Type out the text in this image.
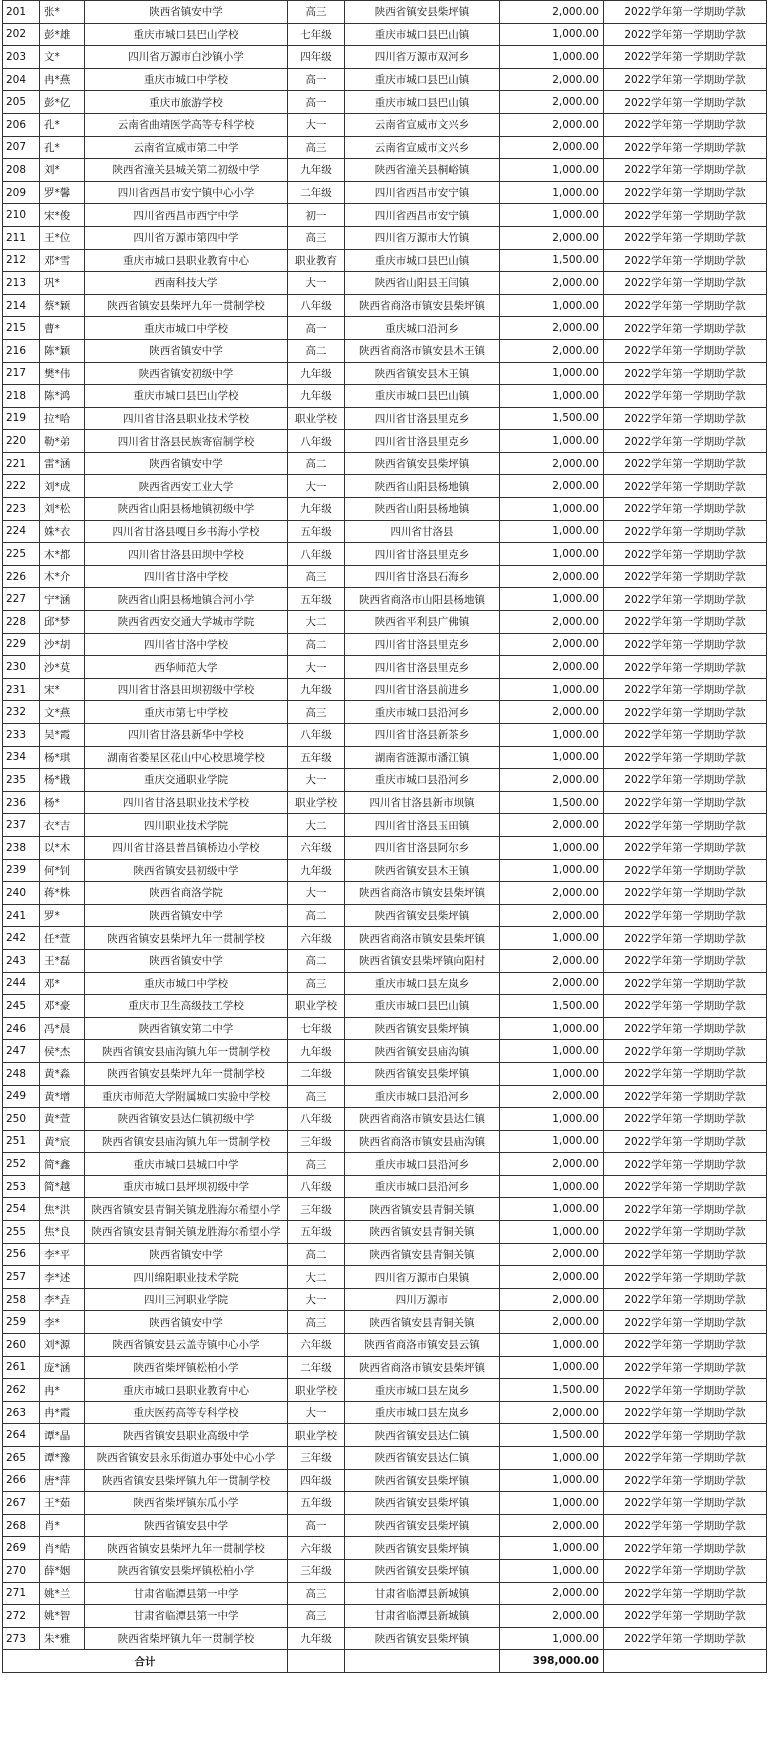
201	张*	陕西省镇安中学	高三	陕西省镇安县柴坪镇	2,000.00	2022学年第一学期助学款
202	彭*雄	重庆市城口县巴山学校	七年级	重庆市城口县巴山镇	1,000.00	2022学年第一学期助学款
203	文*	四川省万源市白沙镇小学	四年级	四川省万源市双河乡	1,000.00	2022学年第一学期助学款
204	冉*燕	重庆市城口中学校	高一	重庆市城口县巴山镇	2,000.00	2022学年第一学期助学款
205	彭*亿	重庆市旅游学校	高一	重庆市城口县巴山镇	2,000.00	2022学年第一学期助学款
206	孔*	云南省曲靖医学高等专科学校	大一	云南省宣威市文兴乡	2,000.00	2022学年第一学期助学款
207	孔*	云南省宣威市第二中学	高三	云南省宣威市文兴乡	2,000.00	2022学年第一学期助学款
208	刘*	陕西省潼关县城关第二初级中学	九年级	陕西省潼关县桐峪镇	1,000.00	2022学年第一学期助学款
209	罗*馨	四川省西昌市安宁镇中心小学	二年级	四川省西昌市安宁镇	1,000.00	2022学年第一学期助学款
210	宋*俊	四川省西昌市西宁中学	初一	四川省西昌市安宁镇	1,000.00	2022学年第一学期助学款
211	王*位	四川省万源市第四中学	高三	四川省万源市大竹镇	2,000.00	2022学年第一学期助学款
212	邓*雪	重庆市城口县职业教育中心	职业教育	重庆市城口县巴山镇	1,500.00	2022学年第一学期助学款
213	巩*	西南科技大学	大一	陕西省山阳县王闫镇	2,000.00	2022学年第一学期助学款
214	蔡*颖	陕西省镇安县柴坪九年一贯制学校	八年级	陕西省商洛市镇安县柴坪镇	1,000.00	2022学年第一学期助学款
215	曹*	重庆市城口中学校	高一	重庆城口沿河乡	2,000.00	2022学年第一学期助学款
216	陈*颖	陕西省镇安中学	高二	陕西省商洛市镇安县木王镇	2,000.00	2022学年第一学期助学款
217	樊*伟	陕西省镇安初级中学	九年级	陕西省镇安县木王镇	1,000.00	2022学年第一学期助学款
218	陈*鸿	重庆市城口县巴山学校	九年级	重庆市城口县巴山镇	1,000.00	2022学年第一学期助学款
219	拉*哈	四川省甘洛县职业技术学校	职业学校	四川省甘洛县里克乡	1,500.00	2022学年第一学期助学款
220	勒*弟	四川省甘洛县民族寄宿制学校	八年级	四川省甘洛县里克乡	1,000.00	2022学年第一学期助学款
221	雷*涵	陕西省镇安中学	高二	陕西省镇安县柴坪镇	2,000.00	2022学年第一学期助学款
222	刘*成	陕西省西安工业大学	大一	陕西省山阳县杨地镇	2,000.00	2022学年第一学期助学款
223	刘*松	陕西省山阳县杨地镇初级中学	九年级	陕西省山阳县杨地镇	1,000.00	2022学年第一学期助学款
224	姝*衣	四川省甘洛县嘎日乡书海小学校	五年级	四川省甘洛县	1,000.00	2022学年第一学期助学款
225	木*都	四川省甘洛县田坝中学校	八年级	四川省甘洛县里克乡	1,000.00	2022学年第一学期助学款
226	木*介	四川省甘洛中学校	高三	四川省甘洛县石海乡	2,000.00	2022学年第一学期助学款
227	宁*涵	陕西省山阳县杨地镇合河小学	五年级	陕西省商洛市山阳县杨地镇	1,000.00	2022学年第一学期助学款
228	邱*梦	陕西省西安交通大学城市学院	大二	陕西省平利县广佛镇	2,000.00	2022学年第一学期助学款
229	沙*胡	四川省甘洛中学校	高二	四川省甘洛县里克乡	2,000.00	2022学年第一学期助学款
230	沙*莫	西华师范大学	大一	四川省甘洛县里克乡	2,000.00	2022学年第一学期助学款
231	宋*	四川省甘洛县田坝初级中学校	九年级	四川省甘洛县前进乡	1,000.00	2022学年第一学期助学款
232	文*燕	重庆市第七中学校	高三	重庆市城口县沿河乡	2,000.00	2022学年第一学期助学款
233	吴*霞	四川省甘洛县新华中学校	八年级	四川省甘洛县新茶乡	1,000.00	2022学年第一学期助学款
234	杨*琪	湖南省娄星区花山中心校思境学校	五年级	湖南省涟源市潘江镇	1,000.00	2022学年第一学期助学款
235	杨*戡	重庆交通职业学院	大一	重庆市城口县沿河乡	2,000.00	2022学年第一学期助学款
236	杨*	四川省甘洛县职业技术学校	职业学校	四川省甘洛县新市坝镇	1,500.00	2022学年第一学期助学款
237	衣*吉	四川职业技术学院	大二	四川省甘洛县玉田镇	2,000.00	2022学年第一学期助学款
238	以*木	四川省甘洛县普昌镇桥边小学校	六年级	四川省甘洛县阿尔乡	1,000.00	2022学年第一学期助学款
239	何*钊	陕西省镇安县初级中学	九年级	陕西省镇安县木王镇	1,000.00	2022学年第一学期助学款
240	蒋*株	陕西省商洛学院	大一	陕西省商洛市镇安县柴坪镇	2,000.00	2022学年第一学期助学款
241	罗*	陕西省镇安中学	高二	陕西省镇安县柴坪镇	2,000.00	2022学年第一学期助学款
242	任*萱	陕西省镇安县柴坪九年一贯制学校	六年级	陕西省商洛市镇安县柴坪镇	1,000.00	2022学年第一学期助学款
243	王*磊	陕西省镇安中学	高二	陕西省镇安县柴坪镇向阳村	2,000.00	2022学年第一学期助学款
244	邓*	重庆市城口中学校	高三	重庆市城口县左岚乡	2,000.00	2022学年第一学期助学款
245	邓*豪	重庆市卫生高级技工学校	职业学校	重庆市城口县巴山镇	1,500.00	2022学年第一学期助学款
246	冯*晨	陕西省镇安第二中学	七年级	陕西省镇安县柴坪镇	1,000.00	2022学年第一学期助学款
247	侯*杰	陕西省镇安县庙沟镇九年一贯制学校	九年级	陕西省镇安县庙沟镇	1,000.00	2022学年第一学期助学款
248	黄*淼	陕西省镇安县柴坪九年一贯制学校	二年级	陕西省镇安县柴坪镇	1,000.00	2022学年第一学期助学款
249	黄*增	重庆市师范大学附属城口实验中学校	高三	重庆市城口县沿河乡	2,000.00	2022学年第一学期助学款
250	黄*萱	陕西省镇安县达仁镇初级中学	八年级	陕西省商洛市镇安县达仁镇	1,000.00	2022学年第一学期助学款
251	黄*宸	陕西省镇安县庙沟镇九年一贯制学校	三年级	陕西省商洛市镇安县庙沟镇	1,000.00	2022学年第一学期助学款
252	简*鑫	重庆市城口县城口中学	高三	重庆市城口县沿河乡	2,000.00	2022学年第一学期助学款
253	简*越	重庆市城口县坪坝初级中学	八年级	重庆市城口县沿河乡	1,000.00	2022学年第一学期助学款
254	焦*洪	陕西省镇安县青铜关镇龙胜海尔希望小学	三年级	陕西省镇安县青铜关镇	1,000.00	2022学年第一学期助学款
255	焦*良	陕西省镇安县青铜关镇龙胜海尔希望小学	五年级	陕西省镇安县青铜关镇	1,000.00	2022学年第一学期助学款
256	李*平	陕西省镇安中学	高二	陕西省镇安县青铜关镇	2,000.00	2022学年第一学期助学款
257	李*述	四川绵阳职业技术学院	大二	四川省万源市白果镇	2,000.00	2022学年第一学期助学款
258	李*垚	四川三河职业学院	大一	四川万源市	2,000.00	2022学年第一学期助学款
259	李*	陕西省镇安中学	高三	陕西省镇安县青铜关镇	2,000.00	2022学年第一学期助学款
260	刘*源	陕西省镇安县云盖寺镇中心小学	六年级	陕西省商洛市镇安县云镇	1,000.00	2022学年第一学期助学款
261	庞*涵	陕西省柴坪镇松柏小学	二年级	陕西省商洛市镇安县柴坪镇	1,000.00	2022学年第一学期助学款
262	冉*	重庆市城口县职业教育中心	职业学校	重庆市城口县左岚乡	1,500.00	2022学年第一学期助学款
263	冉*霞	重庆医药高等专科学校	大一	重庆市城口县左岚乡	2,000.00	2022学年第一学期助学款
264	谭*晶	陕西省镇安县职业高级中学	职业学校	陕西省镇安县达仁镇	1,500.00	2022学年第一学期助学款
265	谭*豫	陕西省镇安县永乐街道办事处中心小学	三年级	陕西省镇安县达仁镇	1,000.00	2022学年第一学期助学款
266	唐*萍	陕西省镇安县柴坪镇九年一贯制学校	四年级	陕西省镇安县柴坪镇	1,000.00	2022学年第一学期助学款
267	王*茹	陕西省柴坪镇东瓜小学	五年级	陕西省镇安县柴坪镇	1,000.00	2022学年第一学期助学款
268	肖*	陕西省镇安县中学	高一	陕西省镇安县柴坪镇	2,000.00	2022学年第一学期助学款
269	肖*皓	陕西省镇安县柴坪九年一贯制学校	六年级	陕西省镇安县柴坪镇	1,000.00	2022学年第一学期助学款
270	薛*姻	陕西省镇安县柴坪镇松柏小学	三年级	陕西省镇安县柴坪镇	1,000.00	2022学年第一学期助学款
271	姚*兰	甘肃省临潭县第一中学	高三	甘肃省临潭县新城镇	2,000.00	2022学年第一学期助学款
272	姚*智	甘肃省临潭县第一中学	高三	甘肃省临潭县新城镇	2,000.00	2022学年第一学期助学款
273	朱*雅	陕西省柴坪镇九年一贯制学校	九年级	陕西省镇安县柴坪镇	1,000.00	2022学年第一学期助学款
合计					398,000.00	
